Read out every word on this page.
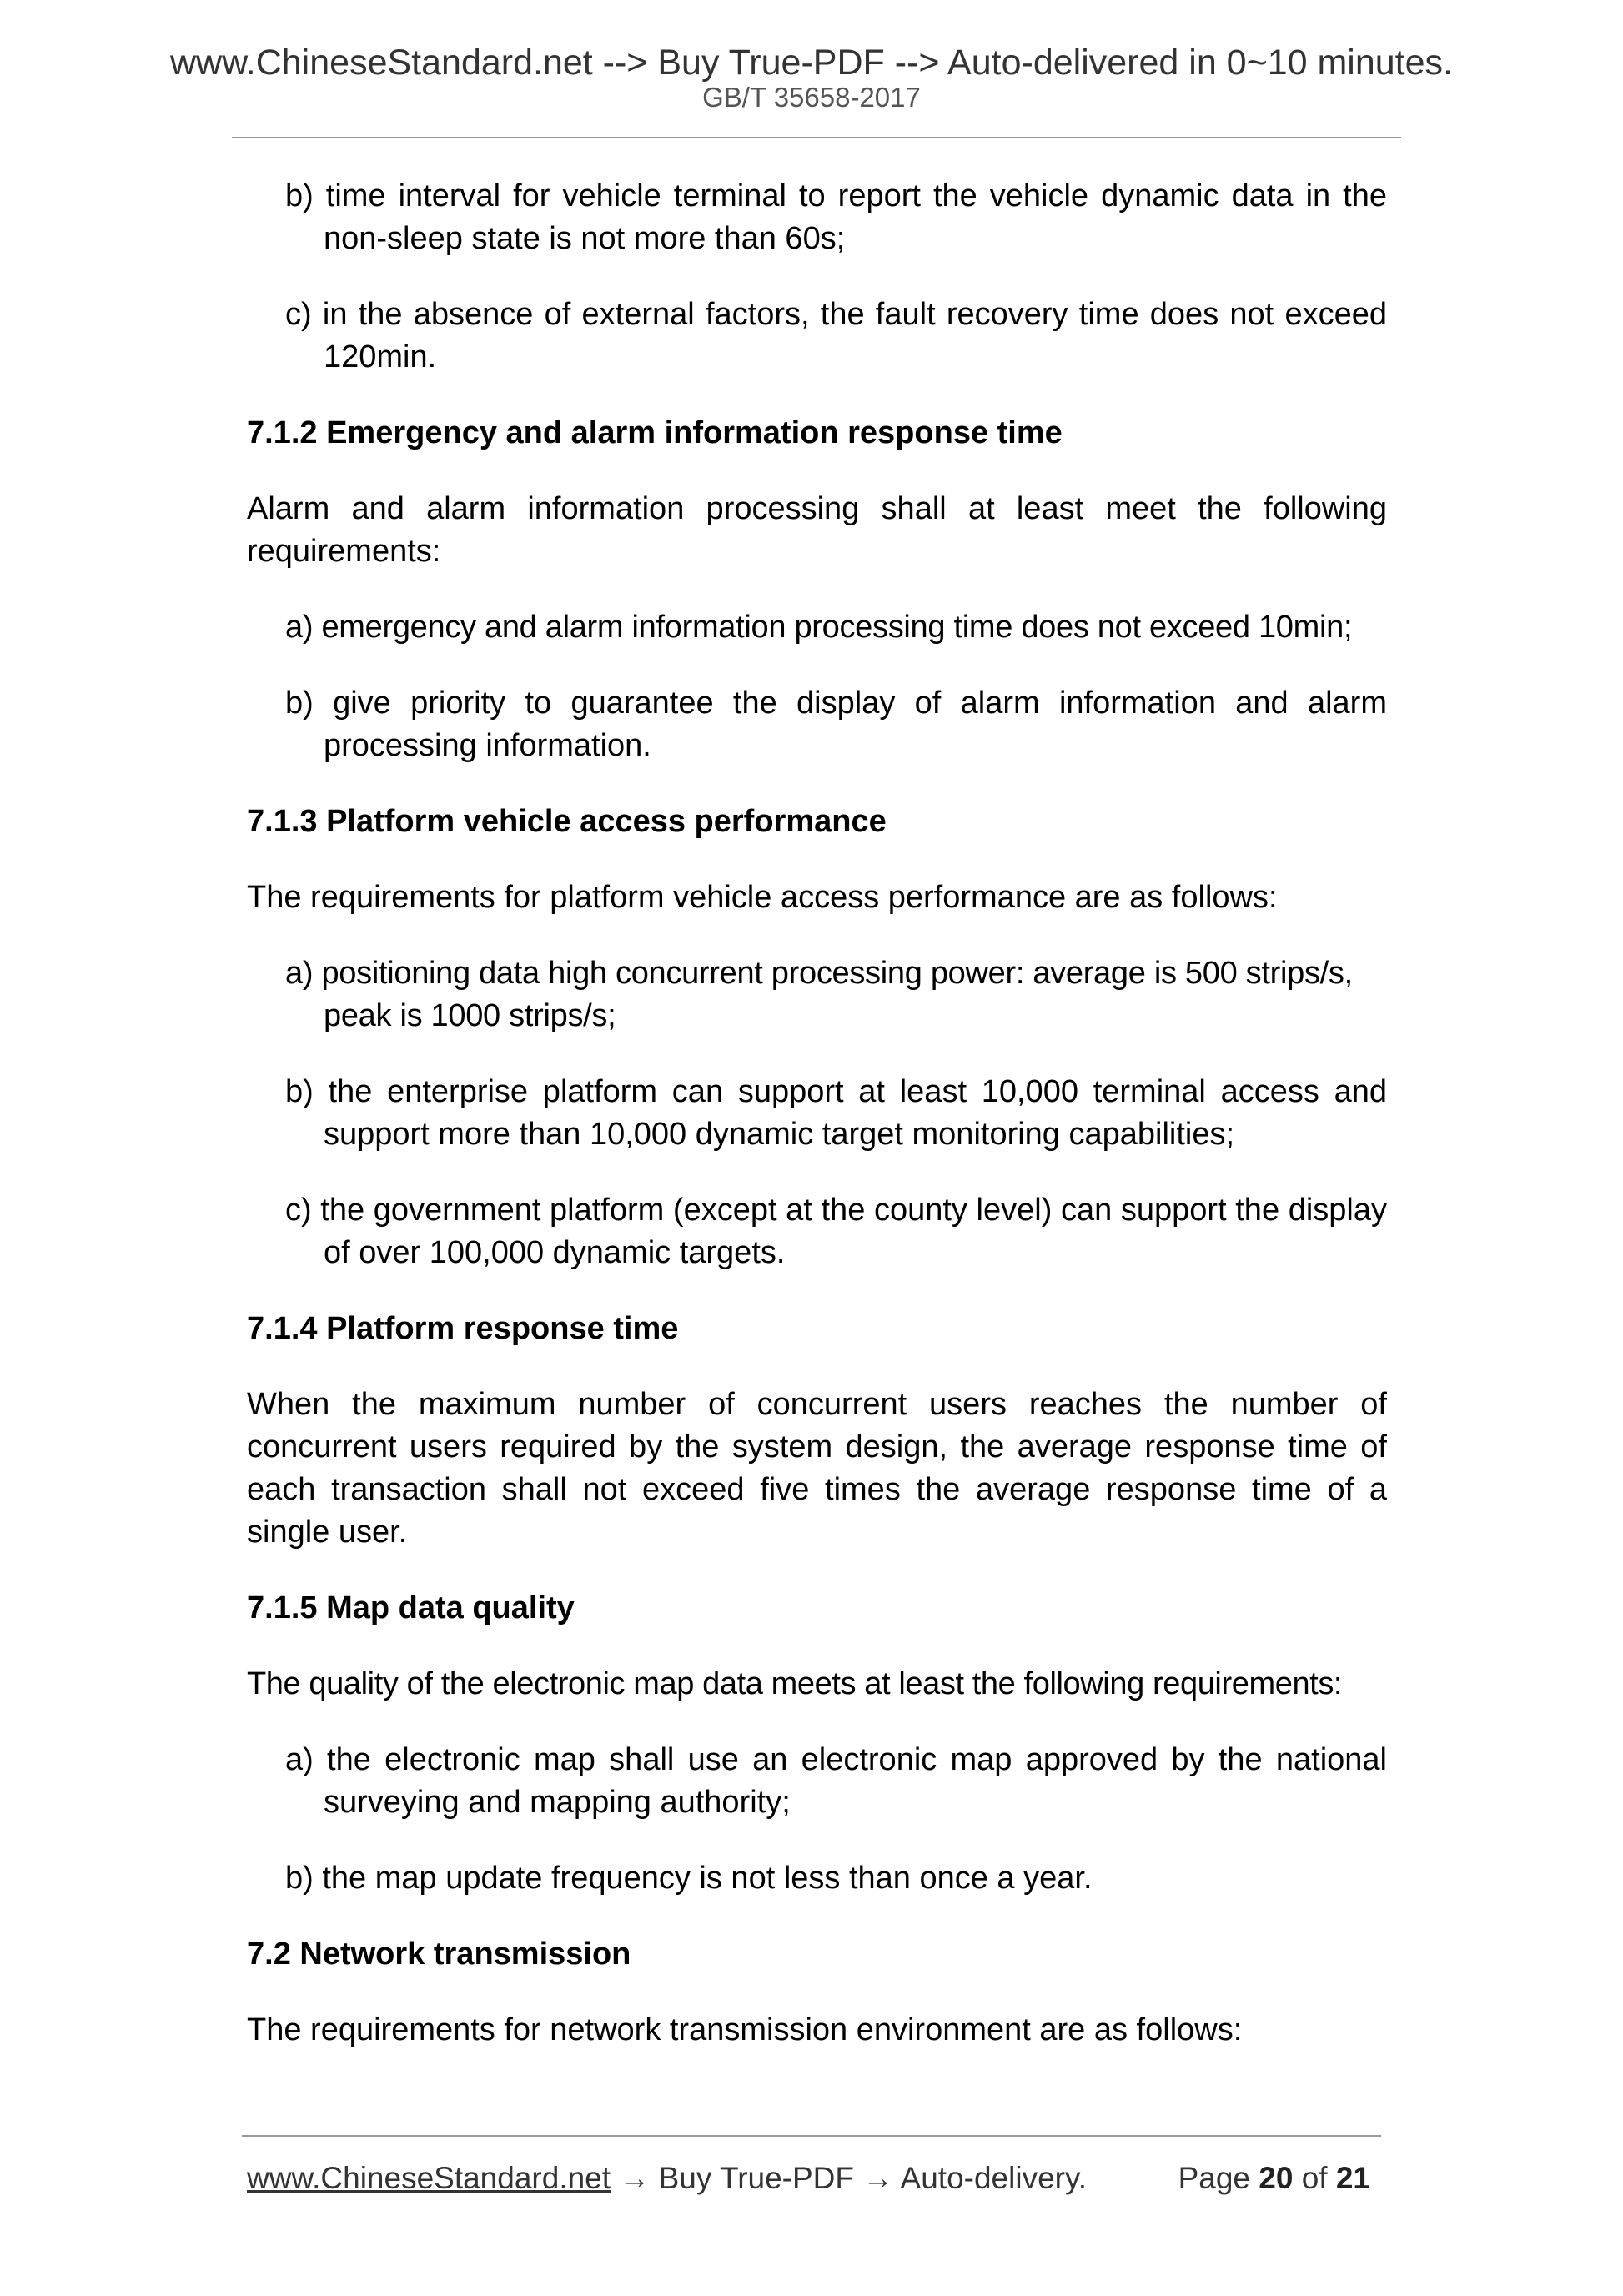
www.ChineseStandard.net --> Buy True-PDF --> Auto-delivered in 0~10 minutes.
GB/T 35658-2017

b) time interval for vehicle terminal to report the vehicle dynamic data in the non-sleep state is not more than 60s;

c) in the absence of external factors, the fault recovery time does not exceed 120min.

7.1.2 Emergency and alarm information response time

Alarm and alarm information processing shall at least meet the following requirements:

a) emergency and alarm information processing time does not exceed 10min;

b) give priority to guarantee the display of alarm information and alarm processing information.

7.1.3 Platform vehicle access performance

The requirements for platform vehicle access performance are as follows:

a) positioning data high concurrent processing power: average is 500 strips/s, peak is 1000 strips/s;

b) the enterprise platform can support at least 10,000 terminal access and support more than 10,000 dynamic target monitoring capabilities;

c) the government platform (except at the county level) can support the display of over 100,000 dynamic targets.

7.1.4 Platform response time

When the maximum number of concurrent users reaches the number of concurrent users required by the system design, the average response time of each transaction shall not exceed five times the average response time of a single user.

7.1.5 Map data quality

The quality of the electronic map data meets at least the following requirements:

a) the electronic map shall use an electronic map approved by the national surveying and mapping authority;

b) the map update frequency is not less than once a year.

7.2 Network transmission

The requirements for network transmission environment are as follows:

www.ChineseStandard.net → Buy True-PDF → Auto-delivery.	Page 20 of 21
